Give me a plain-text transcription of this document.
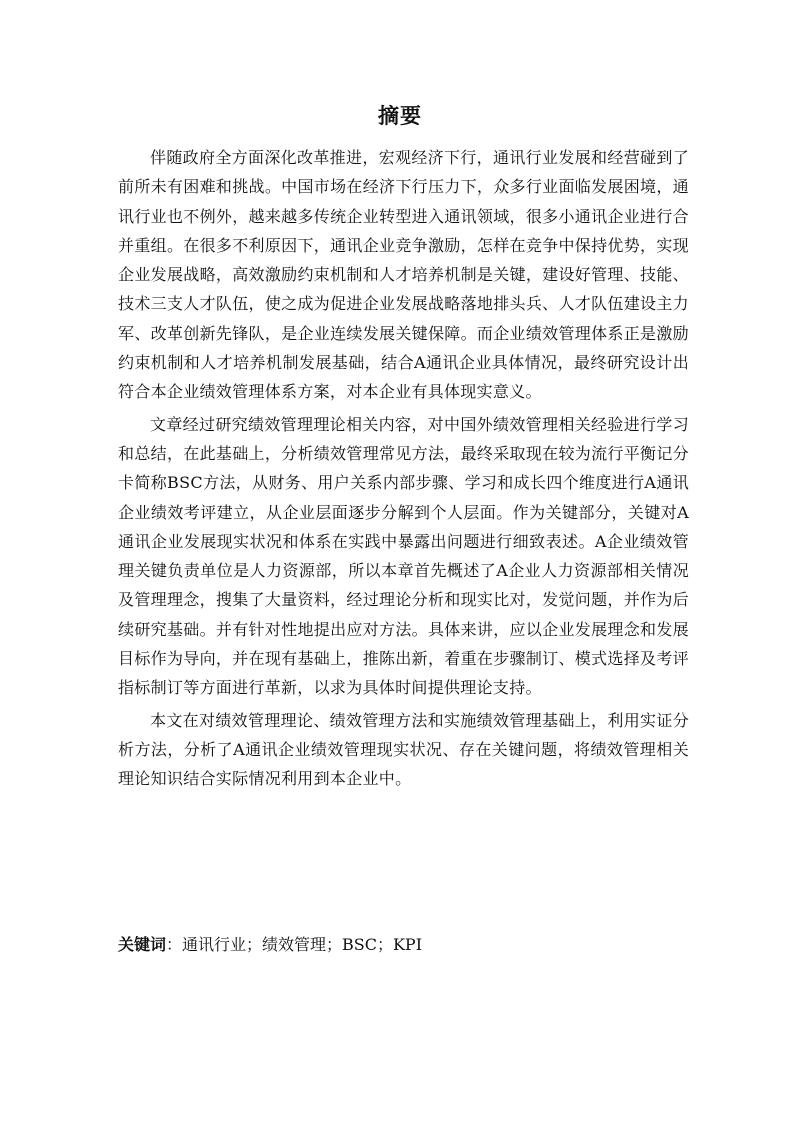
摘要

伴随政府全方面深化改革推进，宏观经济下行，通讯行业发展和经营碰到了前所未有困难和挑战。中国市场在经济下行压力下，众多行业面临发展困境，通讯行业也不例外，越来越多传统企业转型进入通讯领域，很多小通讯企业进行合并重组。在很多不利原因下，通讯企业竞争激励，怎样在竞争中保持优势，实现企业发展战略，高效激励约束机制和人才培养机制是关键，建设好管理、技能、技术三支人才队伍，使之成为促进企业发展战略落地排头兵、人才队伍建设主力军、改革创新先锋队，是企业连续发展关键保障。而企业绩效管理体系正是激励约束机制和人才培养机制发展基础，结合A通讯企业具体情况，最终研究设计出符合本企业绩效管理体系方案，对本企业有具体现实意义。

文章经过研究绩效管理理论相关内容，对中国外绩效管理相关经验进行学习和总结，在此基础上，分析绩效管理常见方法，最终采取现在较为流行平衡记分卡简称BSC方法，从财务、用户关系内部步骤、学习和成长四个维度进行A通讯企业绩效考评建立，从企业层面逐步分解到个人层面。作为关键部分，关键对A通讯企业发展现实状况和体系在实践中暴露出问题进行细致表述。A企业绩效管理关键负责单位是人力资源部，所以本章首先概述了A企业人力资源部相关情况及管理理念，搜集了大量资料，经过理论分析和现实比对，发觉问题，并作为后续研究基础。并有针对性地提出应对方法。具体来讲，应以企业发展理念和发展目标作为导向，并在现有基础上，推陈出新，着重在步骤制订、模式选择及考评指标制订等方面进行革新，以求为具体时间提供理论支持。

本文在对绩效管理理论、绩效管理方法和实施绩效管理基础上，利用实证分析方法，分析了A通讯企业绩效管理现实状况、存在关键问题，将绩效管理相关理论知识结合实际情况利用到本企业中。

关键词：通讯行业；绩效管理；BSC；KPI
